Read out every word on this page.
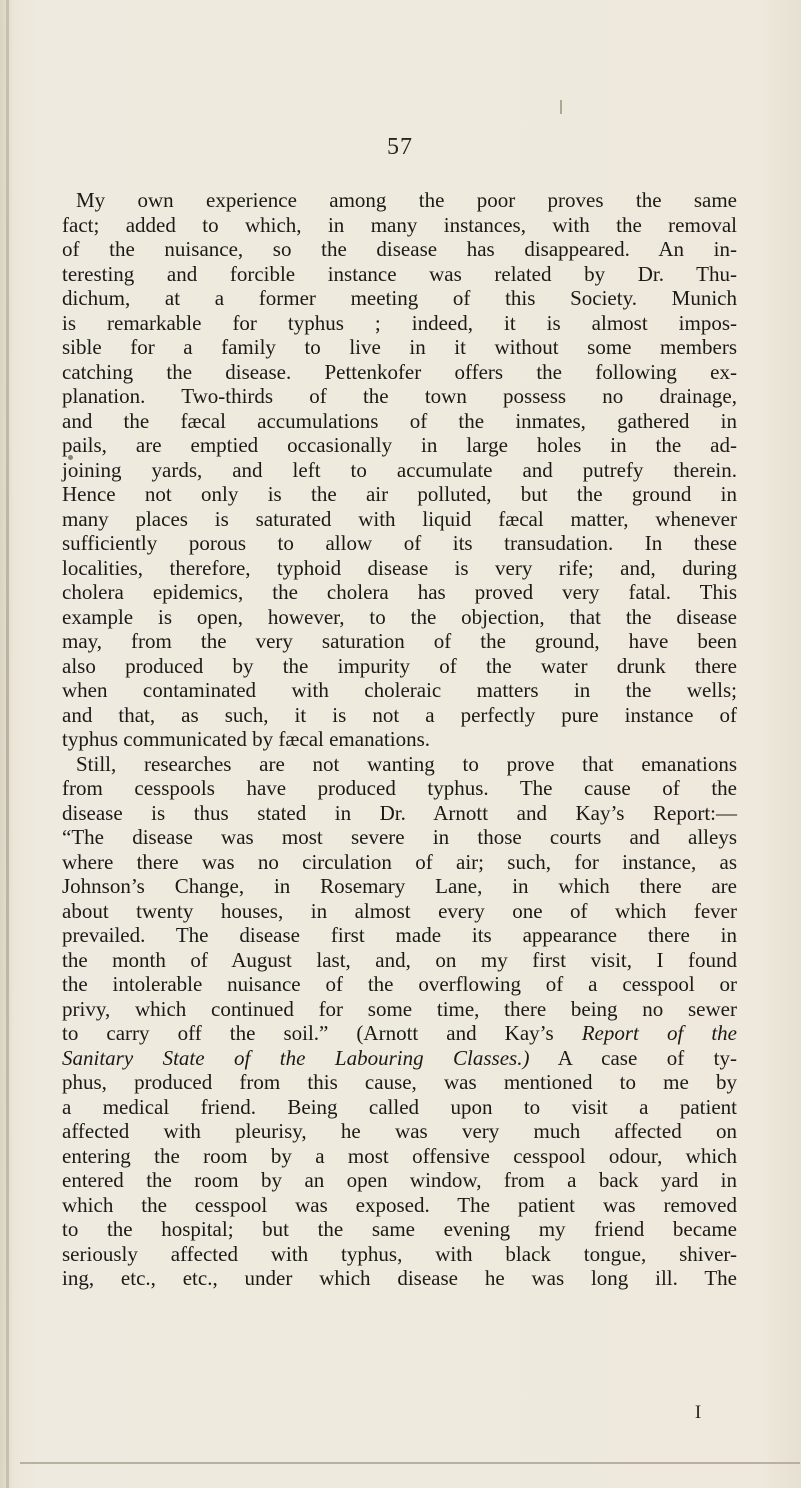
57
My own experience among the poor proves the same
fact; added to which, in many instances, with the removal
of the nuisance, so the disease has disappeared. An in-
teresting and forcible instance was related by Dr. Thu-
dichum, at a former meeting of this Society. Munich
is remarkable for typhus ; indeed, it is almost impos-
sible for a family to live in it without some members
catching the disease. Pettenkofer offers the following ex-
planation. Two-thirds of the town possess no drainage,
and the fæcal accumulations of the inmates, gathered in
pails, are emptied occasionally in large holes in the ad-
joining yards, and left to accumulate and putrefy therein.
Hence not only is the air polluted, but the ground in
many places is saturated with liquid fæcal matter, whenever
sufficiently porous to allow of its transudation. In these
localities, therefore, typhoid disease is very rife; and, during
cholera epidemics, the cholera has proved very fatal. This
example is open, however, to the objection, that the disease
may, from the very saturation of the ground, have been
also produced by the impurity of the water drunk there
when contaminated with choleraic matters in the wells;
and that, as such, it is not a perfectly pure instance of
typhus communicated by fæcal emanations.
Still, researches are not wanting to prove that emanations
from cesspools have produced typhus. The cause of the
disease is thus stated in Dr. Arnott and Kay’s Report:—
“The disease was most severe in those courts and alleys
where there was no circulation of air; such, for instance, as
Johnson’s Change, in Rosemary Lane, in which there are
about twenty houses, in almost every one of which fever
prevailed. The disease first made its appearance there in
the month of August last, and, on my first visit, I found
the intolerable nuisance of the overflowing of a cesspool or
privy, which continued for some time, there being no sewer
to carry off the soil.” (Arnott and Kay’s Report of the
Sanitary State of the Labouring Classes.) A case of ty-
phus, produced from this cause, was mentioned to me by
a medical friend. Being called upon to visit a patient
affected with pleurisy, he was very much affected on
entering the room by a most offensive cesspool odour, which
entered the room by an open window, from a back yard in
which the cesspool was exposed. The patient was removed
to the hospital; but the same evening my friend became
seriously affected with typhus, with black tongue, shiver-
ing, etc., etc., under which disease he was long ill. The
I
